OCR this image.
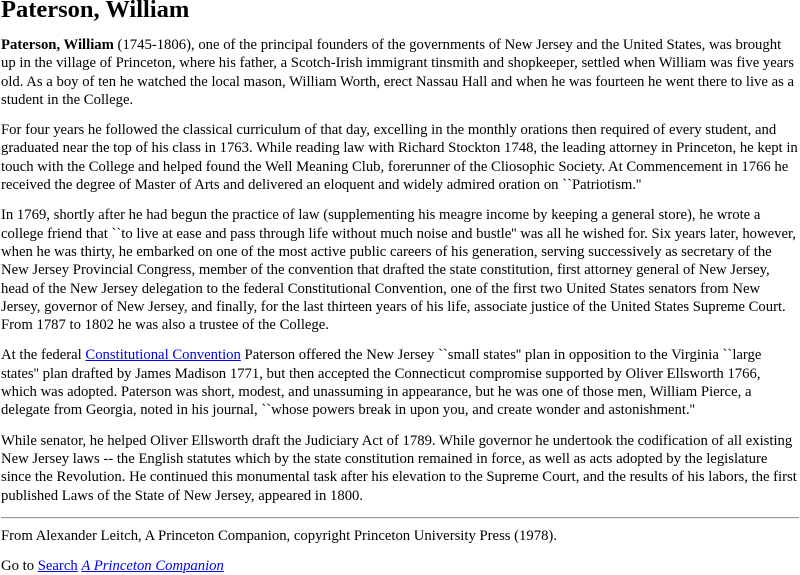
Paterson, William

Paterson, William (1745-1806), one of the principal founders of the governments of New Jersey and the United States, was brought up in the village of Princeton, where his father, a Scotch-Irish immigrant tinsmith and shopkeeper, settled when William was five years old. As a boy of ten he watched the local mason, William Worth, erect Nassau Hall and when he was fourteen he went there to live as a student in the College.

For four years he followed the classical curriculum of that day, excelling in the monthly orations then required of every student, and graduated near the top of his class in 1763. While reading law with Richard Stockton 1748, the leading attorney in Princeton, he kept in touch with the College and helped found the Well Meaning Club, forerunner of the Cliosophic Society. At Commencement in 1766 he received the degree of Master of Arts and delivered an eloquent and widely admired oration on ``Patriotism.''

In 1769, shortly after he had begun the practice of law (supplementing his meagre income by keeping a general store), he wrote a college friend that ``to live at ease and pass through life without much noise and bustle'' was all he wished for. Six years later, however, when he was thirty, he embarked on one of the most active public careers of his generation, serving successively as secretary of the New Jersey Provincial Congress, member of the convention that drafted the state constitution, first attorney general of New Jersey, head of the New Jersey delegation to the federal Constitutional Convention, one of the first two United States senators from New Jersey, governor of New Jersey, and finally, for the last thirteen years of his life, associate justice of the United States Supreme Court. From 1787 to 1802 he was also a trustee of the College.

At the federal Constitutional Convention Paterson offered the New Jersey ``small states'' plan in opposition to the Virginia ``large states'' plan drafted by James Madison 1771, but then accepted the Connecticut compromise supported by Oliver Ellsworth 1766, which was adopted. Paterson was short, modest, and unassuming in appearance, but he was one of those men, William Pierce, a delegate from Georgia, noted in his journal, ``whose powers break in upon you, and create wonder and astonishment.''

While senator, he helped Oliver Ellsworth draft the Judiciary Act of 1789. While governor he undertook the codification of all existing New Jersey laws -- the English statutes which by the state constitution remained in force, as well as acts adopted by the legislature since the Revolution. He continued this monumental task after his elevation to the Supreme Court, and the results of his labors, the first published Laws of the State of New Jersey, appeared in 1800.

From Alexander Leitch, A Princeton Companion, copyright Princeton University Press (1978).

Go to Search A Princeton Companion
